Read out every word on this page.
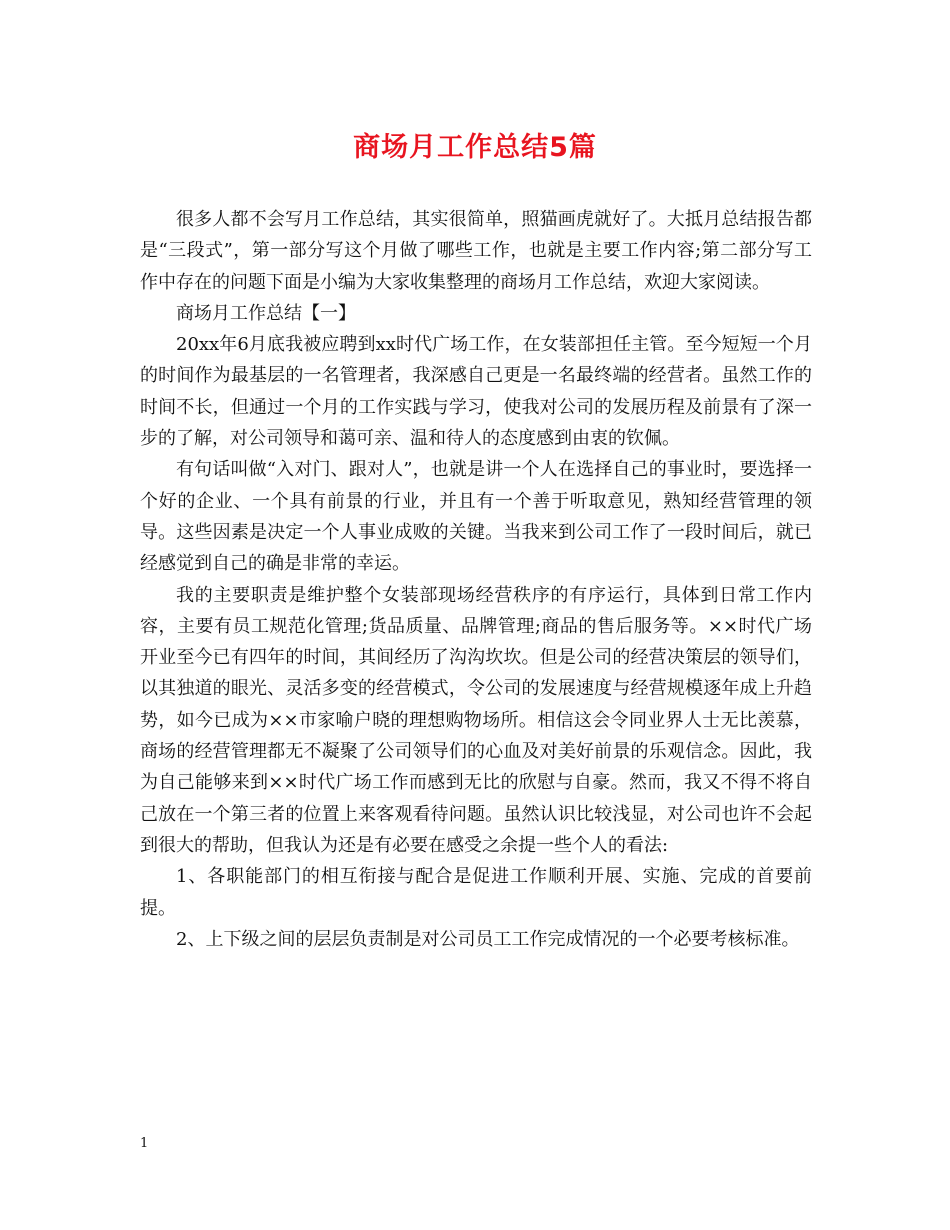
商场月工作总结5篇

很多人都不会写月工作总结，其实很简单，照猫画虎就好了。大抵月总结报告都是“三段式”，第一部分写这个月做了哪些工作，也就是主要工作内容;第二部分写工作中存在的问题下面是小编为大家收集整理的商场月工作总结，欢迎大家阅读。

商场月工作总结【一】

20xx年6月底我被应聘到xx时代广场工作，在女装部担任主管。至今短短一个月的时间作为最基层的一名管理者，我深感自己更是一名最终端的经营者。虽然工作的时间不长，但通过一个月的工作实践与学习，使我对公司的发展历程及前景有了深一步的了解，对公司领导和蔼可亲、温和待人的态度感到由衷的钦佩。

有句话叫做“入对门、跟对人”，也就是讲一个人在选择自己的事业时，要选择一个好的企业、一个具有前景的行业，并且有一个善于听取意见，熟知经营管理的领导。这些因素是决定一个人事业成败的关键。当我来到公司工作了一段时间后，就已经感觉到自己的确是非常的幸运。

我的主要职责是维护整个女装部现场经营秩序的有序运行，具体到日常工作内容，主要有员工规范化管理;货品质量、品牌管理;商品的售后服务等。××时代广场开业至今已有四年的时间，其间经历了沟沟坎坎。但是公司的经营决策层的领导们，以其独道的眼光、灵活多变的经营模式，令公司的发展速度与经营规模逐年成上升趋势，如今已成为××市家喻户晓的理想购物场所。相信这会令同业界人士无比羡慕，商场的经营管理都无不凝聚了公司领导们的心血及对美好前景的乐观信念。因此，我为自己能够来到××时代广场工作而感到无比的欣慰与自豪。然而，我又不得不将自己放在一个第三者的位置上来客观看待问题。虽然认识比较浅显，对公司也许不会起到很大的帮助，但我认为还是有必要在感受之余提一些个人的看法:

1、各职能部门的相互衔接与配合是促进工作顺利开展、实施、完成的首要前提。

2、上下级之间的层层负责制是对公司员工工作完成情况的一个必要考核标准。

1
